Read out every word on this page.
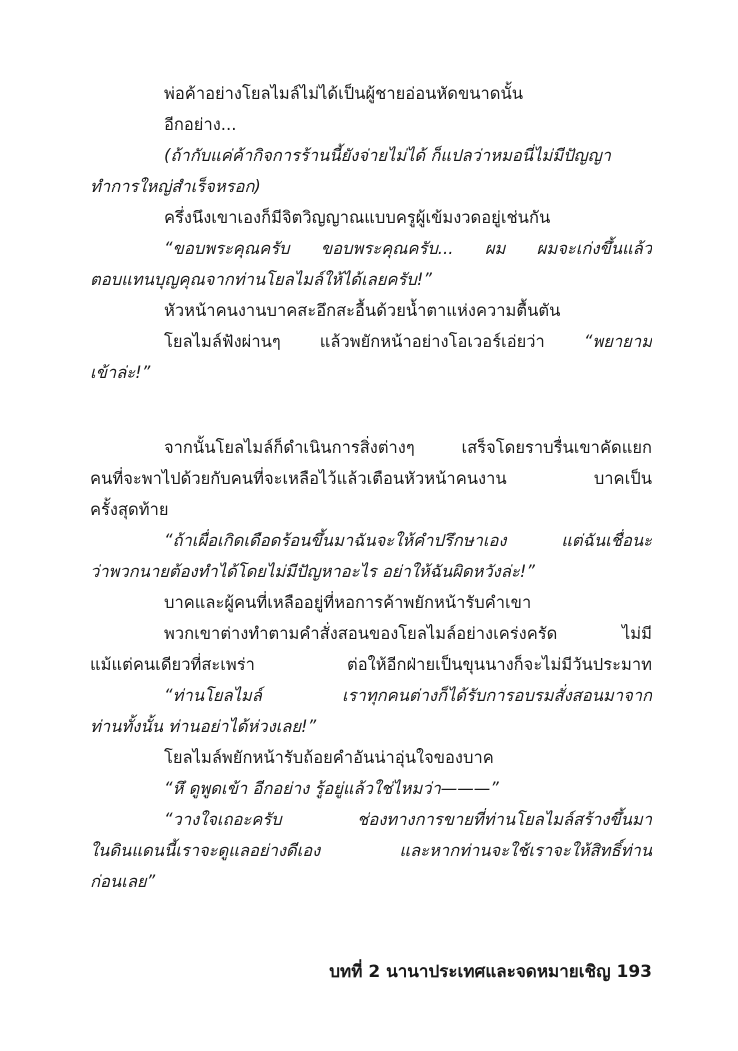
พ่อค้าอย่างโยลไมล์ไม่ได้เป็นผู้ชายอ่อนหัดขนาดนั้น
อีกอย่าง...
(ถ้ากับแค่ค้ากิจการร้านนี้ยังจ่ายไม่ได้ ก็แปลว่าหมอนี่ไม่มีปัญญา
ทำการใหญ่สำเร็จหรอก)
ครึ่งนึงเขาเองก็มีจิตวิญญาณแบบครูผู้เข้มงวดอยู่เช่นกัน
“ขอบพระคุณครับ ขอบพระคุณครับ... ผม ผมจะเก่งขึ้นแล้ว
ตอบแทนบุญคุณจากท่านโยลไมล์ให้ได้เลยครับ!”
หัวหน้าคนงานบาคสะอึกสะอื้นด้วยน้ำตาแห่งความตื้นตัน
โยลไมล์ฟังผ่านๆ แล้วพยักหน้าอย่างโอเวอร์เอ่ยว่า “พยายาม
เข้าล่ะ!”
จากนั้นโยลไมล์ก็ดำเนินการสิ่งต่างๆ เสร็จโดยราบรื่นเขาคัดแยก
คนที่จะพาไปด้วยกับคนที่จะเหลือไว้แล้วเตือนหัวหน้าคนงาน บาคเป็น
ครั้งสุดท้าย
“ถ้าเผื่อเกิดเดือดร้อนขึ้นมาฉันจะให้คำปรึกษาเอง แต่ฉันเชื่อนะ
ว่าพวกนายต้องทำได้โดยไม่มีปัญหาอะไร อย่าให้ฉันผิดหวังล่ะ!”
บาคและผู้คนที่เหลืออยู่ที่หอการค้าพยักหน้ารับคำเขา
พวกเขาต่างทำตามคำสั่งสอนของโยลไมล์อย่างเคร่งครัด ไม่มี
แม้แต่คนเดียวที่สะเพร่า ต่อให้อีกฝ่ายเป็นขุนนางก็จะไม่มีวันประมาท
“ท่านโยลไมล์ เราทุกคนต่างก็ได้รับการอบรมสั่งสอนมาจาก
ท่านทั้งนั้น ท่านอย่าได้ห่วงเลย!”
โยลไมล์พยักหน้ารับถ้อยคำอันน่าอุ่นใจของบาค
“หึ ดูพูดเข้า อีกอย่าง รู้อยู่แล้วใช่ไหมว่า———”
“วางใจเถอะครับ ช่องทางการขายที่ท่านโยลไมล์สร้างขึ้นมา
ในดินแดนนี้เราจะดูแลอย่างดีเอง และหากท่านจะใช้เราจะให้สิทธิ์ท่าน
ก่อนเลย”
บทที่ 2 นานาประเทศและจดหมายเชิญ 193
